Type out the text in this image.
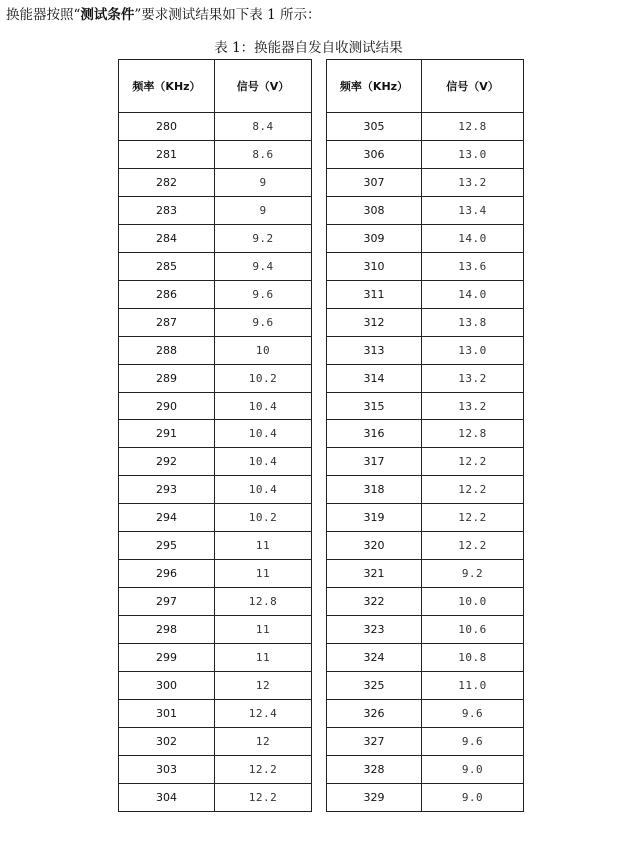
换能器按照“测试条件”要求测试结果如下表 1 所示：
表 1：换能器自发自收测试结果
频率（KHz）	信号（V）		频率（KHz）	信号（V）
280	8.4		305	12.8
281	8.6		306	13.0
282	9		307	13.2
283	9		308	13.4
284	9.2		309	14.0
285	9.4		310	13.6
286	9.6		311	14.0
287	9.6		312	13.8
288	10		313	13.0
289	10.2		314	13.2
290	10.4		315	13.2
291	10.4		316	12.8
292	10.4		317	12.2
293	10.4		318	12.2
294	10.2		319	12.2
295	11		320	12.2
296	11		321	9.2
297	12.8		322	10.0
298	11		323	10.6
299	11		324	10.8
300	12		325	11.0
301	12.4		326	9.6
302	12		327	9.6
303	12.2		328	9.0
304	12.2		329	9.0
